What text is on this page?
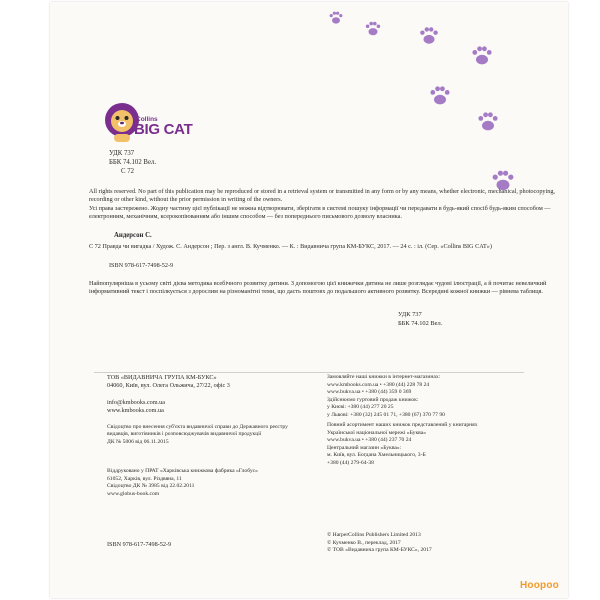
Collins
BIG CAT
УДК 737
ББК 74.102 Вел.
С 72
All rights reserved. No part of this publication may be reproduced or stored in a retrieval system or transmitted in any form or by any means, whether electronic, mechanical, photocopying, recording or other kind, without the prior permission in writing of the owners.
Усі права застережено. Жодну частину цієї публікації не можна відтворювати, зберігати в системі пошуку інформації чи передавати в будь-який спосіб будь-яким способом — електронним, механічним, ксерокопіюванням або іншим способом — без попереднього письмового дозволу власника.
Андерсон С.
С 72 Правда чи вигадка / Худож. С. Андерсон ; Пер. з англ. В. Кучменко. — К. : Видавнича група КМ-БУКС, 2017. — 24 с. : іл. (Сер. «Collins BIG CAT»)
ISBN 978-617-7498-52-9
Найпопулярніша в усьому світі дієва методика всебічного розвитку дитини. З допомогою цієї книжечки дитина не лише розглядає чудові ілюстрації, а й почитає невеличкий інформативний текст і поспілкується з дорослим на різноманітні теми, що дасть поштовх до подальшого активного розвитку. Всередині кожної книжки — рівнева таблиця.
УДК 737
ББК 74.102 Вел.
ТОВ «ВИДАВНИЧА ГРУПА КМ-БУКС»
04060, Київ, вул. Олега Ольжича, 27/22, офіс 3
info@kmbooks.com.ua
www.kmbooks.com.ua
Свідоцтво про внесення суб'єкта видавничої справи до Державного реєстру
видавців, виготівників і розповсюджувачів видавничої продукції
ДК № 5006 від 06.11.2015
Замовляйте наші книжки в інтернет-магазинах:
www.kmbooks.com.ua • +380 (44) 228 78 24
www.bukva.ua • +380 (44) 359 0 369
Здійснюємо гуртовий продаж книжок:
у Києві: +380 (44) 277 20 25
у Львові: +380 (32) 245 01 71, +380 (67) 370 77 90
Повний асортимент наших книжок представлений у книгарнях
Української національної мережі «Буква»
www.bukva.ua • +380 (44) 237 70 24
Центральний магазин «Буква»:
м. Київ, вул. Богдана Хмельницького, 3-Б
+380 (44) 279-64-38
Віддруковано у ПРАТ «Харківська книжкова фабрика «Глобус»
61052, Харків, вул. Різдвяна, 11
Свідоцтво ДК № 3985 від 22.02.2011
www.globus-book.com
ISBN 978-617-7498-52-9
© HarperCollins Publishers Limited 2013
© Кучменко В., переклад, 2017
© ТОВ «Видавнича група КМ-БУКС», 2017
Hoopoo
